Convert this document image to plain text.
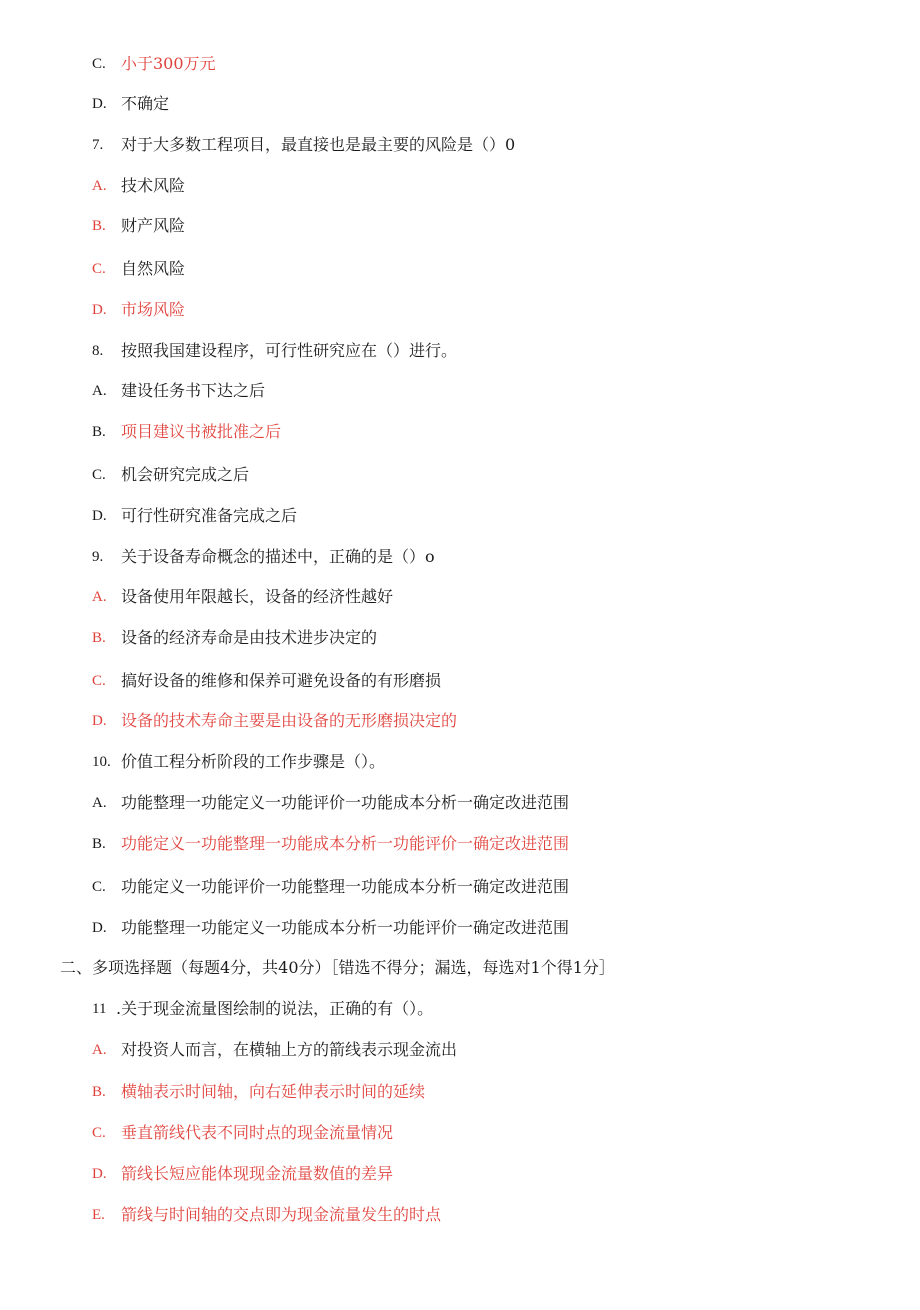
C. 小于300万元
D. 不确定
7. 对于大多数工程项目，最直接也是最主要的风险是（）0
A. 技术风险
B. 财产风险
C. 自然风险
D. 市场风险
8. 按照我国建设程序，可行性研究应在（）进行。
A. 建设任务书下达之后
B. 项目建议书被批准之后
C. 机会研究完成之后
D. 可行性研究准备完成之后
9. 关于设备寿命概念的描述中，正确的是（）o
A. 设备使用年限越长，设备的经济性越好
B. 设备的经济寿命是由技术进步决定的
C. 搞好设备的维修和保养可避免设备的有形磨损
D. 设备的技术寿命主要是由设备的无形磨损决定的
10. 价值工程分析阶段的工作步骤是（）。
A. 功能整理一功能定义一功能评价一功能成本分析一确定改进范围
B. 功能定义一功能整理一功能成本分析一功能评价一确定改进范围
C. 功能定义一功能评价一功能整理一功能成本分析一确定改进范围
D. 功能整理一功能定义一功能成本分析一功能评价一确定改进范围
二、多项选择题（每题4分，共40分）［错选不得分；漏选，每选对1个得1分］
11 .关于现金流量图绘制的说法，正确的有（）。
A. 对投资人而言，在横轴上方的箭线表示现金流出
B. 横轴表示时间轴，向右延伸表示时间的延续
C. 垂直箭线代表不同时点的现金流量情况
D. 箭线长短应能体现现金流量数值的差异
E. 箭线与时间轴的交点即为现金流量发生的时点
